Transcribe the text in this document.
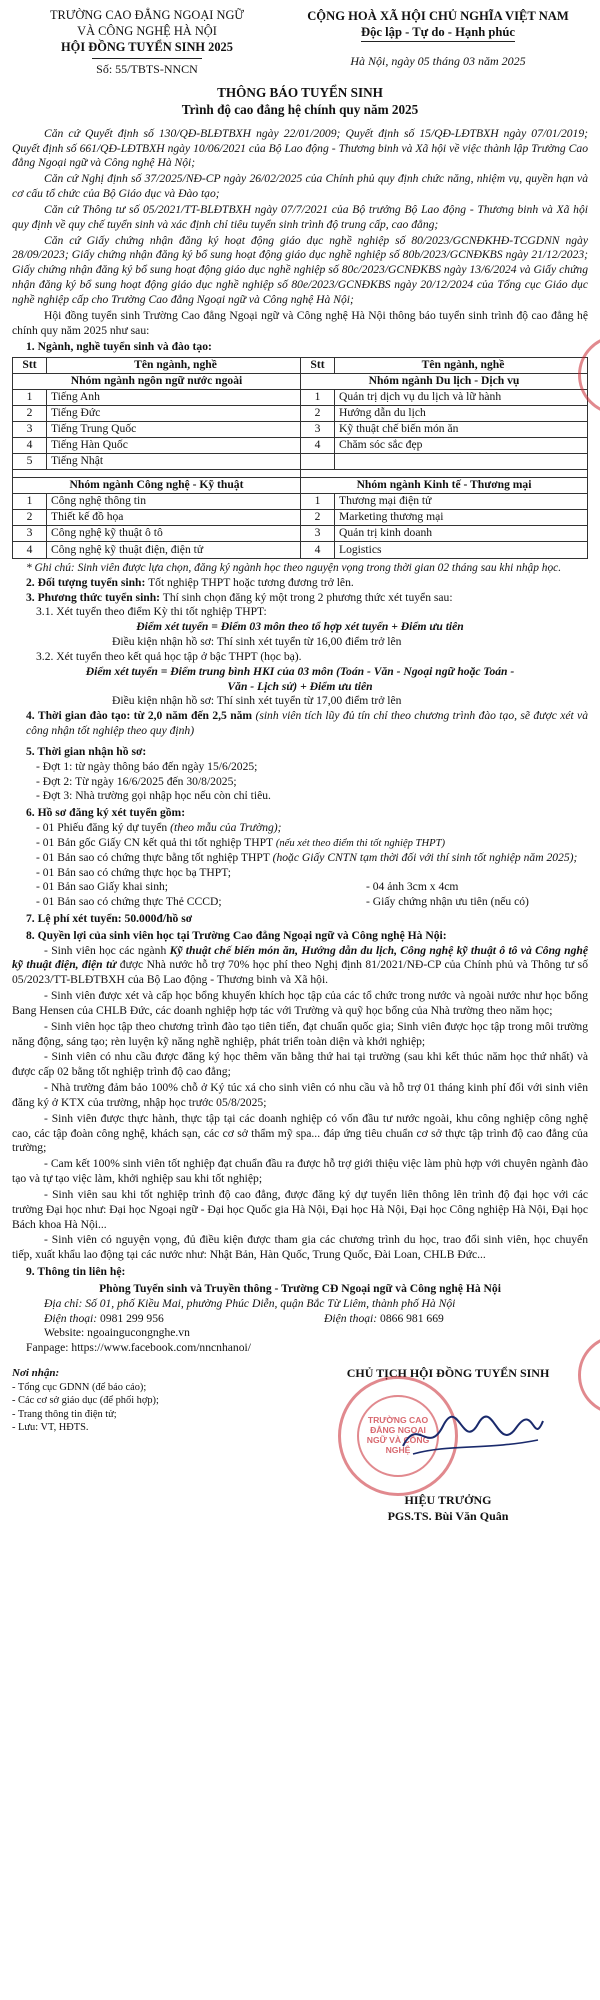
TRƯỜNG CAO ĐẲNG NGOẠI NGỮ
VÀ CÔNG NGHỆ HÀ NỘI
HỘI ĐỒNG TUYỂN SINH 2025
Số: 55/TBTS-NNCN
CỘNG HOÀ XÃ HỘI CHỦ NGHĨA VIỆT NAM
Độc lập - Tự do - Hạnh phúc
Hà Nội, ngày 05 tháng 03 năm 2025
THÔNG BÁO TUYỂN SINH
Trình độ cao đẳng hệ chính quy năm 2025
Căn cứ Quyết định số 130/QĐ-BLĐTBXH ngày 22/01/2009; Quyết định số 15/QĐ-LĐTBXH ngày 07/01/2019; Quyết định số 661/QĐ-LĐTBXH ngày 10/06/2021 của Bộ Lao động - Thương binh và Xã hội về việc thành lập Trường Cao đẳng Ngoại ngữ và Công nghệ Hà Nội;
Căn cứ Nghị định số 37/2025/NĐ-CP ngày 26/02/2025 của Chính phủ quy định chức năng, nhiệm vụ, quyền hạn và cơ cấu tổ chức của Bộ Giáo dục và Đào tạo;
Căn cứ Thông tư số 05/2021/TT-BLĐTBXH ngày 07/7/2021 của Bộ trưởng Bộ Lao động - Thương binh và Xã hội quy định về quy chế tuyển sinh và xác định chỉ tiêu tuyển sinh trình độ trung cấp, cao đẳng;
Căn cứ Giấy chứng nhận đăng ký hoạt động giáo dục nghề nghiệp số 80/2023/GCNĐKHĐ-TCGDNN ngày 28/09/2023; Giấy chứng nhận đăng ký bổ sung hoạt động giáo dục nghề nghiệp số 80b/2023/GCNĐKBS ngày 21/12/2023; Giấy chứng nhận đăng ký bổ sung hoạt động giáo dục nghề nghiệp số 80c/2023/GCNĐKBS ngày 13/6/2024 và Giấy chứng nhận đăng ký bổ sung hoạt động giáo dục nghề nghiệp số 80e/2023/GCNĐKBS ngày 20/12/2024 của Tổng cục Giáo dục nghề nghiệp cấp cho Trường Cao đẳng Ngoại ngữ và Công nghệ Hà Nội;
Hội đồng tuyển sinh Trường Cao đẳng Ngoại ngữ và Công nghệ Hà Nội thông báo tuyển sinh trình độ cao đẳng hệ chính quy năm 2025 như sau:
1. Ngành, nghề tuyển sinh và đào tạo:
Stt	Tên ngành, nghề
Nhóm ngành ngôn ngữ nước ngoài
1	Tiếng Anh
2	Tiếng Đức
3	Tiếng Trung Quốc
4	Tiếng Hàn Quốc
5	Tiếng Nhật
Nhóm ngành Công nghệ - Kỹ thuật
1	Công nghệ thông tin
2	Thiết kế đồ họa
3	Công nghệ kỹ thuật ô tô
4	Công nghệ kỹ thuật điện, điện tử
Stt	Tên ngành, nghề
Nhóm ngành Du lịch - Dịch vụ
1	Quản trị dịch vụ du lịch và lữ hành
2	Hướng dẫn du lịch
3	Kỹ thuật chế biến món ăn
4	Chăm sóc sắc đẹp
Nhóm ngành Kinh tế - Thương mại
1	Thương mại điện tử
2	Marketing thương mại
3	Quản trị kinh doanh
4	Logistics
* Ghi chú: Sinh viên được lựa chọn, đăng ký ngành học theo nguyện vọng trong thời gian 02 tháng sau khi nhập học.
2. Đối tượng tuyển sinh: Tốt nghiệp THPT hoặc tương đương trở lên.
3. Phương thức tuyển sinh: Thí sinh chọn đăng ký một trong 2 phương thức xét tuyển sau:
3.1. Xét tuyển theo điểm Kỳ thi tốt nghiệp THPT:
Điểm xét tuyển = Điểm 03 môn theo tổ hợp xét tuyển + Điểm ưu tiên
Điều kiện nhận hồ sơ: Thí sinh xét tuyển từ 16,00 điểm trở lên
3.2. Xét tuyển theo kết quả học tập ở bậc THPT (học bạ).
Điểm xét tuyển = Điểm trung bình HKI của 03 môn (Toán - Văn - Ngoại ngữ hoặc Toán -
Văn - Lịch sử) + Điểm ưu tiên
Điều kiện nhận hồ sơ: Thí sinh xét tuyển từ 17,00 điểm trở lên
4. Thời gian đào tạo: từ 2,0 năm đến 2,5 năm (sinh viên tích lũy đủ tín chỉ theo chương trình đào tạo, sẽ được xét và công nhận tốt nghiệp theo quy định)
5. Thời gian nhận hồ sơ:
- Đợt 1: từ ngày thông báo đến ngày 15/6/2025;
- Đợt 2: Từ ngày 16/6/2025 đến 30/8/2025;
- Đợt 3: Nhà trường gọi nhập học nếu còn chỉ tiêu.
6. Hồ sơ đăng ký xét tuyển gồm:
- 01 Phiếu đăng ký dự tuyển (theo mẫu của Trường);
- 01 Bản gốc Giấy CN kết quả thi tốt nghiệp THPT (nếu xét theo điểm thi tốt nghiệp THPT)
- 01 Bản sao có chứng thực bằng tốt nghiệp THPT (hoặc Giấy CNTN tạm thời đối với thí sinh tốt nghiệp năm 2025);
- 01 Bản sao có chứng thực học bạ THPT;
- 01 Bản sao Giấy khai sinh;	- 04 ảnh 3cm x 4cm
- 01 Bản sao có chứng thực Thẻ CCCD;	- Giấy chứng nhận ưu tiên (nếu có)
7. Lệ phí xét tuyển: 50.000đ/hồ sơ
8. Quyền lợi của sinh viên học tại Trường Cao đẳng Ngoại ngữ và Công nghệ Hà Nội:
- Sinh viên học các ngành Kỹ thuật chế biến món ăn, Hướng dẫn du lịch, Công nghệ kỹ thuật ô tô và Công nghệ kỹ thuật điện, điện tử được Nhà nước hỗ trợ 70% học phí theo Nghị định 81/2021/NĐ-CP của Chính phủ và Thông tư số 05/2023/TT-BLĐTBXH của Bộ Lao động - Thương binh và Xã hội.
- Sinh viên được xét và cấp học bổng khuyến khích học tập của các tổ chức trong nước và ngoài nước như học bổng Bang Hensen của CHLB Đức, các doanh nghiệp hợp tác với Trường và quỹ học bổng của Nhà trường theo năm học;
- Sinh viên học tập theo chương trình đào tạo tiên tiến, đạt chuẩn quốc gia; Sinh viên được học tập trong môi trường năng động, sáng tạo; rèn luyện kỹ năng nghề nghiệp, phát triển toàn diện và khởi nghiệp;
- Sinh viên có nhu cầu được đăng ký học thêm văn bằng thứ hai tại trường (sau khi kết thúc năm học thứ nhất) và được cấp 02 bằng tốt nghiệp trình độ cao đẳng;
- Nhà trường đảm bảo 100% chỗ ở Ký túc xá cho sinh viên có nhu cầu và hỗ trợ 01 tháng kinh phí đối với sinh viên đăng ký ở KTX của trường, nhập học trước 05/8/2025;
- Sinh viên được thực hành, thực tập tại các doanh nghiệp có vốn đầu tư nước ngoài, khu công nghiệp công nghệ cao, các tập đoàn công nghệ, khách sạn, các cơ sở thẩm mỹ spa... đáp ứng tiêu chuẩn cơ sở thực tập trình độ cao đẳng của trường;
- Cam kết 100% sinh viên tốt nghiệp đạt chuẩn đầu ra được hỗ trợ giới thiệu việc làm phù hợp với chuyên ngành đào tạo và tự tạo việc làm, khởi nghiệp sau khi tốt nghiệp;
- Sinh viên sau khi tốt nghiệp trình độ cao đẳng, được đăng ký dự tuyển liên thông lên trình độ đại học với các trường Đại học như: Đại học Ngoại ngữ - Đại học Quốc gia Hà Nội, Đại học Hà Nội, Đại học Công nghiệp Hà Nội, Đại học Bách khoa Hà Nội...
- Sinh viên có nguyện vọng, đủ điều kiện được tham gia các chương trình du học, trao đổi sinh viên, học chuyển tiếp, xuất khẩu lao động tại các nước như: Nhật Bản, Hàn Quốc, Trung Quốc, Đài Loan, CHLB Đức...
9. Thông tin liên hệ:
Phòng Tuyển sinh và Truyền thông - Trường CĐ Ngoại ngữ và Công nghệ Hà Nội
Địa chỉ: Số 01, phố Kiều Mai, phường Phúc Diễn, quận Bắc Từ Liêm, thành phố Hà Nội
Điện thoại: 0981 299 956	Điện thoại: 0866 981 669
Website: ngoaingucongnghe.vn
Fanpage: https://www.facebook.com/nncnhanoi/
Nơi nhận:
- Tổng cục GDNN (để báo cáo);
- Các cơ sở giáo dục (để phối hợp);
- Trang thông tin điện tử;
- Lưu: VT, HĐTS.
CHỦ TỊCH HỘI ĐỒNG TUYỂN SINH
TRƯỜNG CAO ĐẲNG NGOẠI NGỮ VÀ CÔNG NGHỆ
HIỆU TRƯỞNG
PGS.TS. Bùi Văn Quân
